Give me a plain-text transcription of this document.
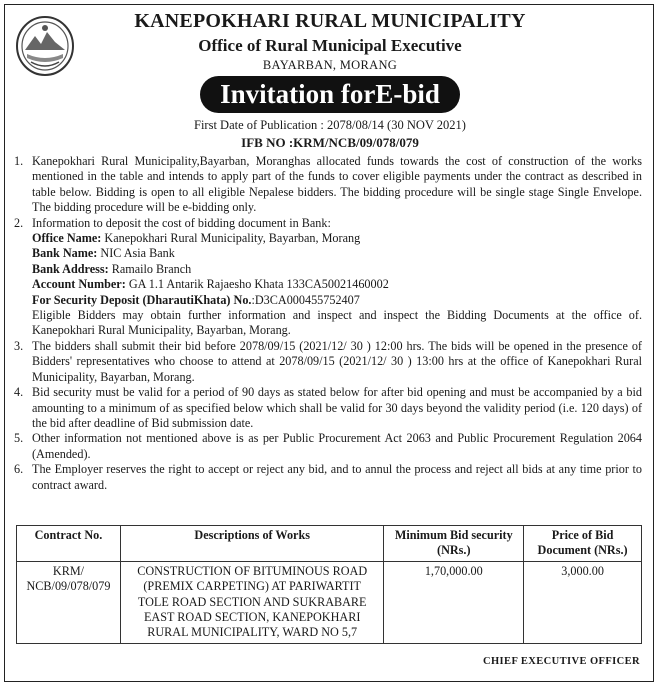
KANEPOKHARI RURAL MUNICIPALITY
Office of Rural Municipal Executive
BAYARBAN, MORANG
Invitation forE-bid
First Date of Publication : 2078/08/14 (30 NOV 2021)
IFB NO :KRM/NCB/09/078/079
1. Kanepokhari Rural Municipality,Bayarban, Moranghas allocated funds towards the cost of construction of the works mentioned in the table and intends to apply part of the funds to cover eligible payments under the contract as described in table below. Bidding is open to all eligible Nepalese bidders. The bidding procedure will be single stage Single Envelope. The bidding procedure will be e-bidding only.
2. Information to deposit the cost of bidding document in Bank:
Office Name: Kanepokhari Rural Municipality, Bayarban, Morang
Bank Name: NIC Asia Bank
Bank Address: Ramailo Branch
Account Number: GA 1.1 Antarik Rajaesho Khata 133CA50021460002
For Security Deposit (DharautiKhata) No.:D3CA000455752407
Eligible Bidders may obtain further information and inspect and inspect the Bidding Documents at the office of. Kanepokhari Rural Municipality, Bayarban, Morang.
3. The bidders shall submit their bid before 2078/09/15 (2021/12/ 30 ) 12:00 hrs. The bids will be opened in the presence of Bidders' representatives who choose to attend at 2078/09/15 (2021/12/ 30 ) 13:00 hrs at the office of Kanepokhari Rural Municipality, Bayarban, Morang.
4. Bid security must be valid for a period of 90 days as stated below for after bid opening and must be accompanied by a bid amounting to a minimum of as specified below which shall be valid for 30 days beyond the validity period (i.e. 120 days) of the bid after deadline of Bid submission date.
5. Other information not mentioned above is as per Public Procurement Act 2063 and Public Procurement Regulation 2064 (Amended).
6. The Employer reserves the right to accept or reject any bid, and to annul the process and reject all bids at any time prior to contract award.
Contract No.	Descriptions of Works	Minimum Bid security (NRs.)	Price of Bid Document (NRs.)
KRM/ NCB/09/078/079	CONSTRUCTION OF BITUMINOUS ROAD (PREMIX CARPETING) AT PARIWARTIT TOLE ROAD SECTION AND SUKRABARE EAST ROAD SECTION, KANEPOKHARI RURAL MUNICIPALITY, WARD NO 5,7	1,70,000.00	3,000.00
CHIEF EXECUTIVE OFFICER
